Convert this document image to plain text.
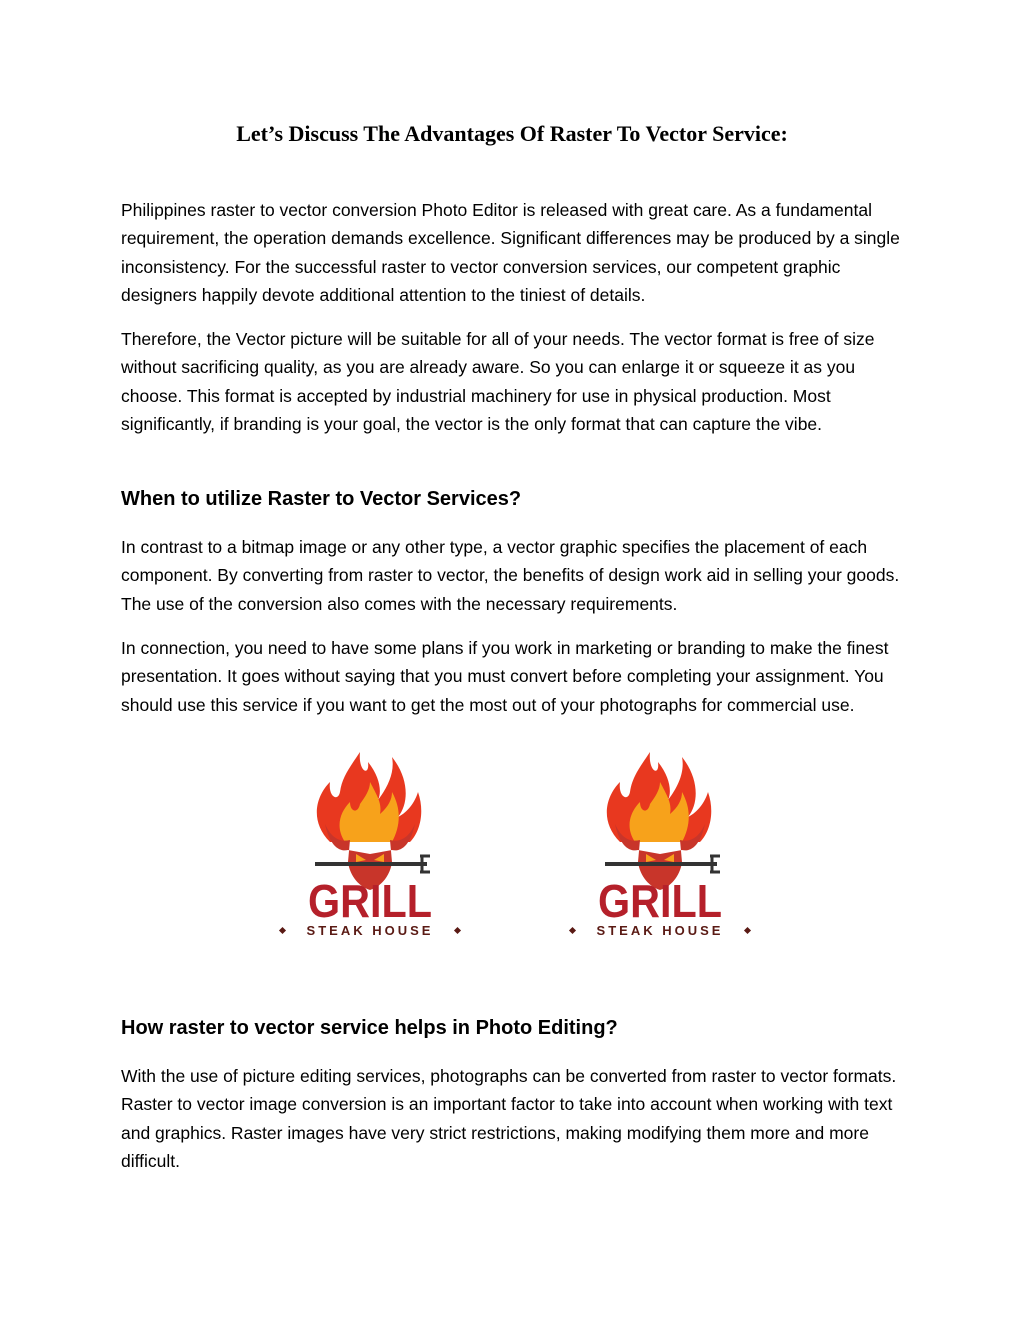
Let’s Discuss The Advantages Of Raster To Vector Service:

Philippines raster to vector conversion Photo Editor is released with great care. As a fundamental requirement, the operation demands excellence. Significant differences may be produced by a single inconsistency. For the successful raster to vector conversion services, our competent graphic designers happily devote additional attention to the tiniest of details.

Therefore, the Vector picture will be suitable for all of your needs. The vector format is free of size without sacrificing quality, as you are already aware. So you can enlarge it or squeeze it as you choose. This format is accepted by industrial machinery for use in physical production. Most significantly, if branding is your goal, the vector is the only format that can capture the vibe.

When to utilize Raster to Vector Services?

In contrast to a bitmap image or any other type, a vector graphic specifies the placement of each component. By converting from raster to vector, the benefits of design work aid in selling your goods. The use of the conversion also comes with the necessary requirements.

In connection, you need to have some plans if you work in marketing or branding to make the finest presentation. It goes without saying that you must convert before completing your assignment. You should use this service if you want to get the most out of your photographs for commercial use.

GRILL
STEAK HOUSE
GRILL
STEAK HOUSE
How raster to vector service helps in Photo Editing?

With the use of picture editing services, photographs can be converted from raster to vector formats. Raster to vector image conversion is an important factor to take into account when working with text and graphics. Raster images have very strict restrictions, making modifying them more and more difficult.
